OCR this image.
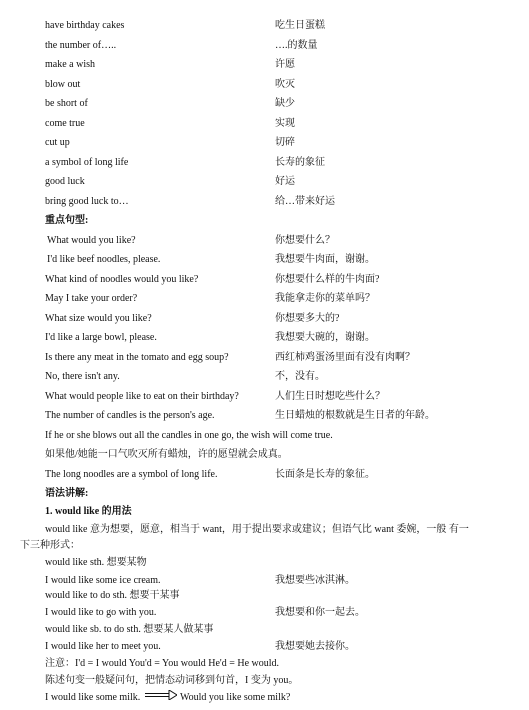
have birthday cakes	吃生日蛋糕
the number of…..	….的数量
make a wish	许愿
blow out	吹灭
be short of	缺少
come true	实现
cut up	切碎
a symbol of long life	长寿的象征
good luck	好运
bring good luck to…	给…带来好运
重点句型:
What would you like?	你想要什么？
I'd like beef noodles, please.	我想要牛肉面，谢谢。
What kind of noodles would you like?	你想要什么样的牛肉面?
May I take your order?	我能拿走你的菜单吗？
What size would you like?	你想要多大的?
I'd like a large bowl, please.	我想要大碗的，谢谢。
Is there any meat in the tomato and egg soup?	西红柿鸡蛋汤里面有没有肉啊？
No, there isn't any.	不，没有。
What would people like to eat on their birthday?	人们生日时想吃些什么？
The number of candles is the person's age.	生日蜡烛的根数就是生日者的年龄。
If he or she blows out all the candles in one go, the wish will come true.
如果他/她能一口气吹灭所有蜡烛，许的愿望就会成真。
The long noodles are a symbol of long life.	长面条是长寿的象征。
语法讲解:
1. would like 的用法
would like 意为想要，愿意，相当于 want，用于提出要求或建议；但语气比 want 委婉，一般 有一
下三种形式：
would like sth. 想要某物
I would like some ice cream.	我想要些冰淇淋。
would like to do sth. 想要干某事
I would like to go with you.	我想要和你一起去。
would like sb. to do sth. 想要某人做某事
I would like her to meet you.	我想要她去接你。
注意：I'd = I would You'd = You would He'd = He would.
陈述句变一般疑问句，把情态动词移到句首，I 变为 you。
I would like some milk.	Would you like some milk?
